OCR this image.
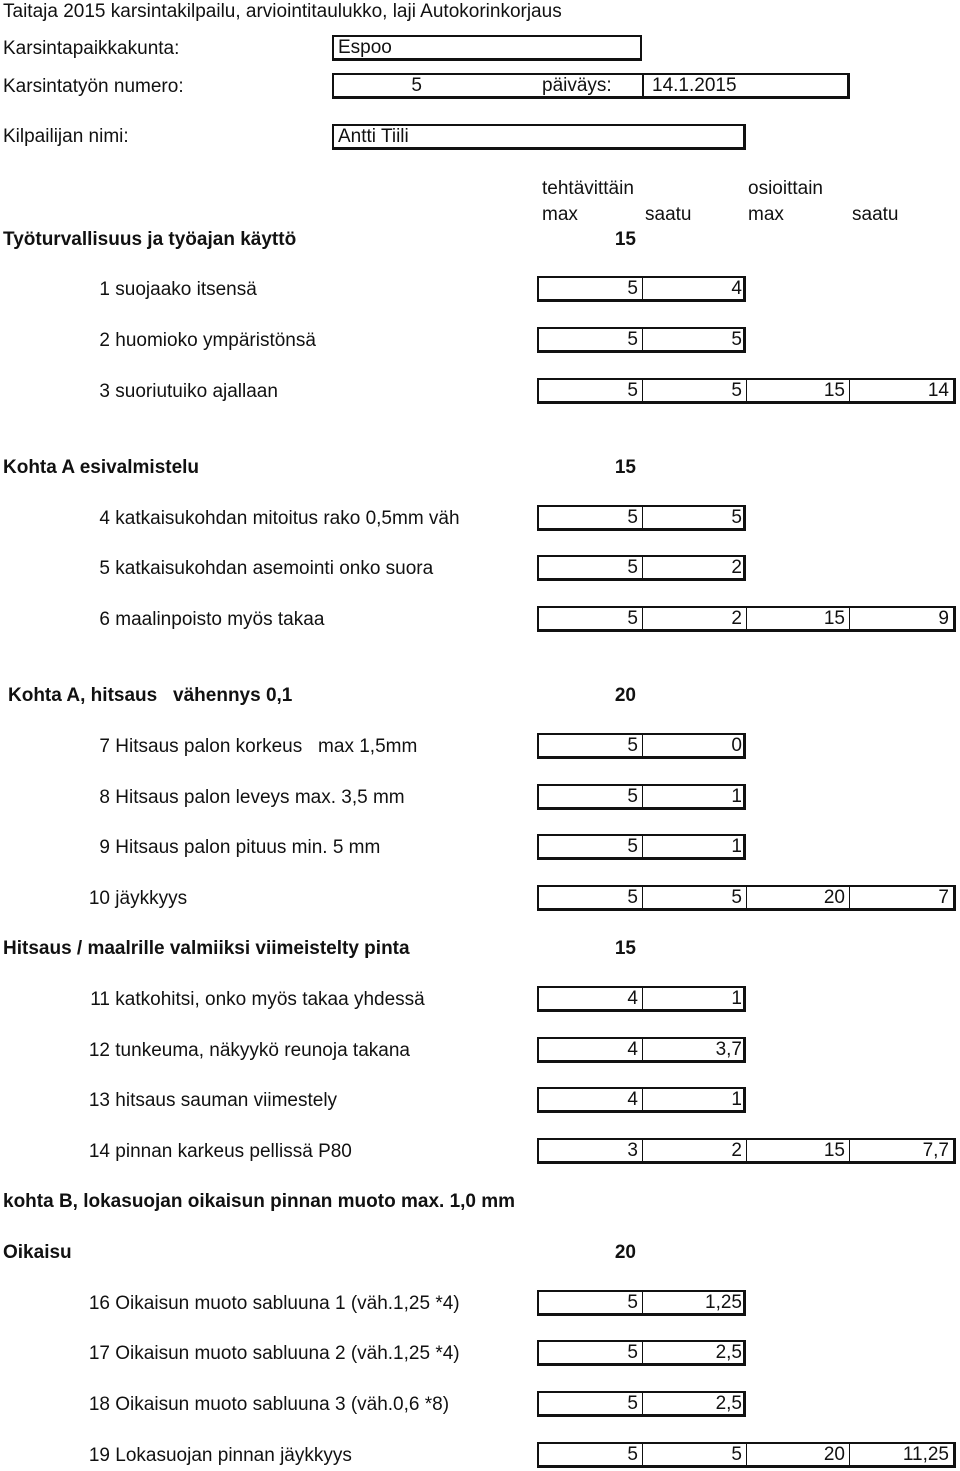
Taitaja 2015 karsintakilpailu, arviointitaulukko, laji Autokorinkorjaus
Karsintapaikkakunta:	Espoo
Karsintatyön numero:	5	päiväys:	14.1.2015
Kilpailijan nimi:	Antti Tiili
tehtävittäin	osioittain
max	saatu	max	saatu
Työturvallisuus ja työajan käyttö	15
1 suojaako itsensä	5	4
2 huomioko ympäristönsä	5	5
3 suoriutuiko ajallaan	5	5	15	14
Kohta A esivalmistelu	15
4 katkaisukohdan mitoitus rako 0,5mm väh	5	5
5 katkaisukohdan asemointi onko suora	5	2
6 maalinpoisto myös takaa	5	2	15	9
Kohta A, hitsaus   vähennys 0,1	20
7 Hitsaus palon korkeus   max 1,5mm	5	0
8 Hitsaus palon leveys max. 3,5 mm	5	1
9 Hitsaus palon pituus min. 5 mm	5	1
10 jäykkyys	5	5	20	7
Hitsaus / maalrille valmiiksi viimeistelty pinta	15
11 katkohitsi, onko myös takaa yhdessä	4	1
12 tunkeuma, näkyykö reunoja takana	4	3,7
13 hitsaus sauman viimestely	4	1
14 pinnan karkeus pellissä P80	3	2	15	7,7
kohta B, lokasuojan oikaisun pinnan muoto max. 1,0 mm
Oikaisu	20
16 Oikaisun muoto sabluuna 1 (väh.1,25 *4)	5	1,25
17 Oikaisun muoto sabluuna 2 (väh.1,25 *4)	5	2,5
18 Oikaisun muoto sabluuna 3 (väh.0,6 *8)	5	2,5
19 Lokasuojan pinnan jäykkyys	5	5	20	11,25
